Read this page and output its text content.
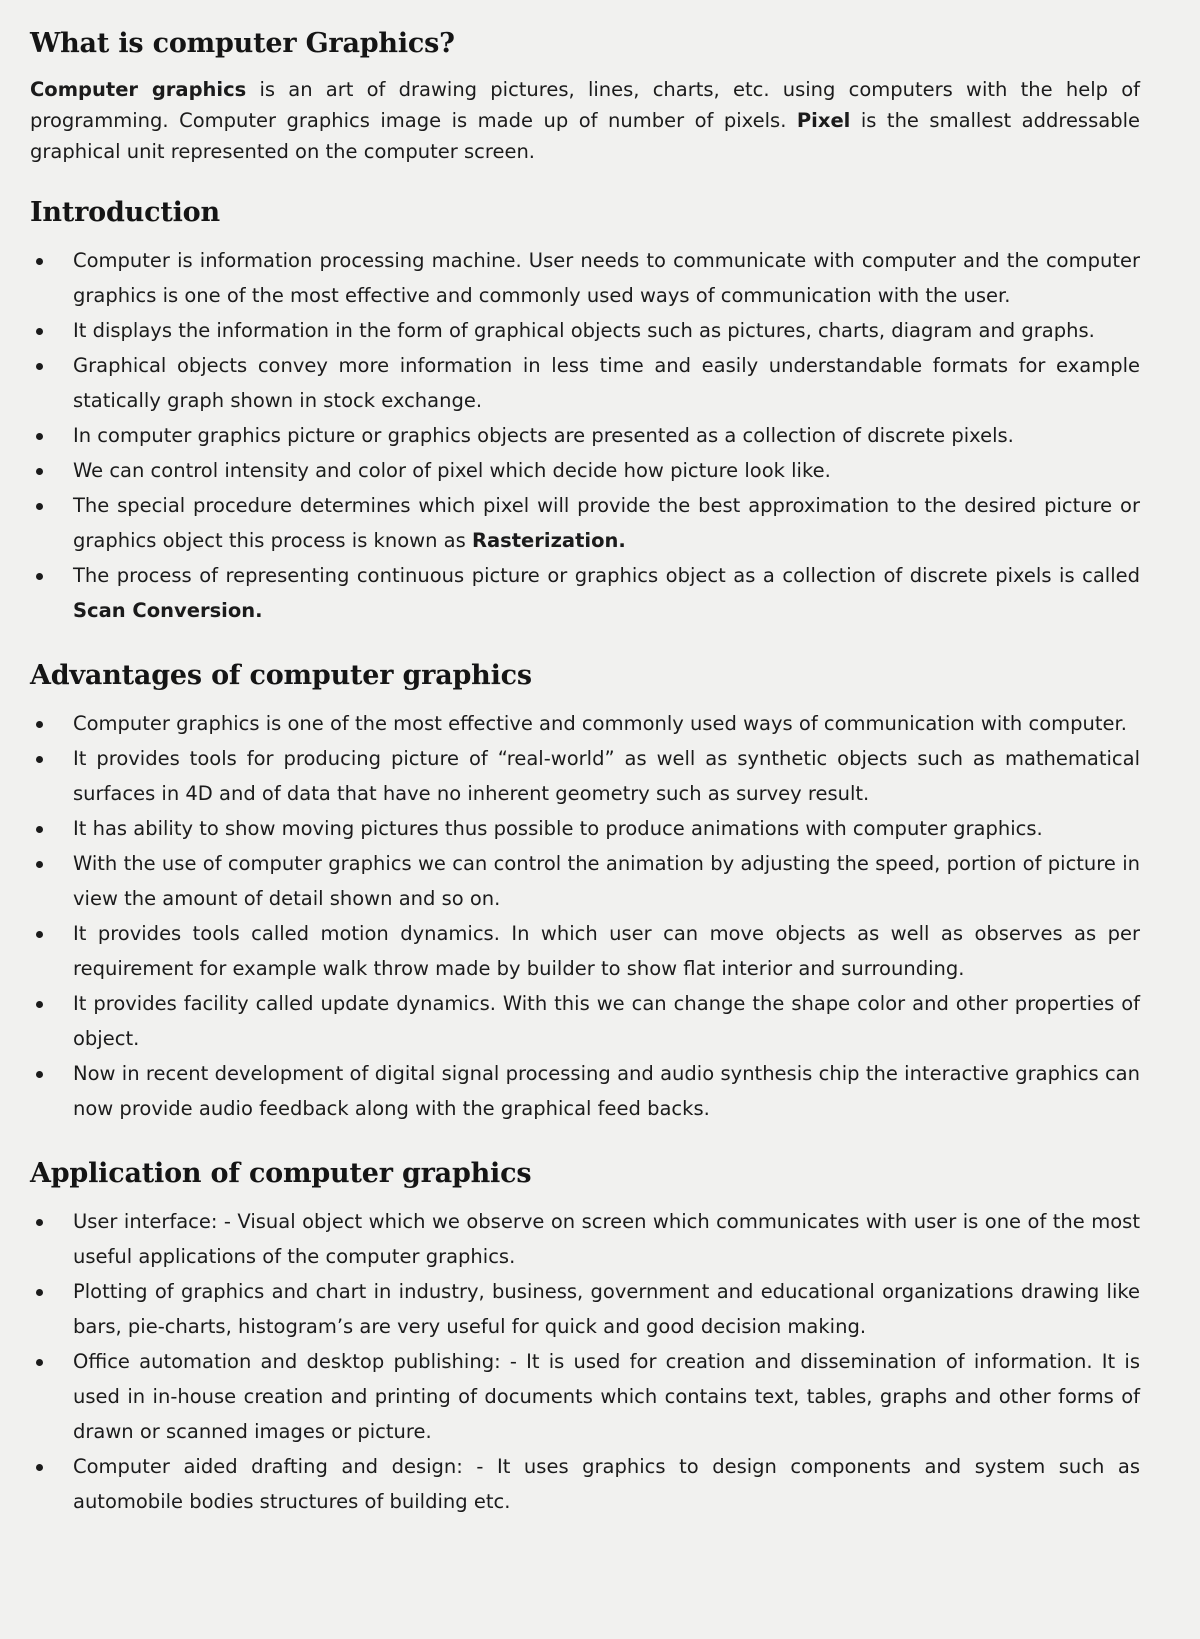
What is computer Graphics?

Computer graphics is an art of drawing pictures, lines, charts, etc. using computers with the help of programming. Computer graphics image is made up of number of pixels. Pixel is the smallest addressable graphical unit represented on the computer screen.

Introduction
Computer is information processing machine. User needs to communicate with computer and the computer graphics is one of the most effective and commonly used ways of communication with the user.
It displays the information in the form of graphical objects such as pictures, charts, diagram and graphs.
Graphical objects convey more information in less time and easily understandable formats for example statically graph shown in stock exchange.
In computer graphics picture or graphics objects are presented as a collection of discrete pixels.
We can control intensity and color of pixel which decide how picture look like.
The special procedure determines which pixel will provide the best approximation to the desired picture or graphics object this process is known as Rasterization.
The process of representing continuous picture or graphics object as a collection of discrete pixels is called Scan Conversion.
Advantages of computer graphics
Computer graphics is one of the most effective and commonly used ways of communication with computer.
It provides tools for producing picture of “real-world” as well as synthetic objects such as mathematical surfaces in 4D and of data that have no inherent geometry such as survey result.
It has ability to show moving pictures thus possible to produce animations with computer graphics.
With the use of computer graphics we can control the animation by adjusting the speed, portion of picture in view the amount of detail shown and so on.
It provides tools called motion dynamics. In which user can move objects as well as observes as per requirement for example walk throw made by builder to show flat interior and surrounding.
It provides facility called update dynamics. With this we can change the shape color and other properties of object.
Now in recent development of digital signal processing and audio synthesis chip the interactive graphics can now provide audio feedback along with the graphical feed backs.
Application of computer graphics
User interface: - Visual object which we observe on screen which communicates with user is one of the most useful applications of the computer graphics.
Plotting of graphics and chart in industry, business, government and educational organizations drawing like bars, pie-charts, histogram’s are very useful for quick and good decision making.
Office automation and desktop publishing: - It is used for creation and dissemination of information. It is used in in-house creation and printing of documents which contains text, tables, graphs and other forms of drawn or scanned images or picture.
Computer aided drafting and design: - It uses graphics to design components and system such as automobile bodies structures of building etc.
